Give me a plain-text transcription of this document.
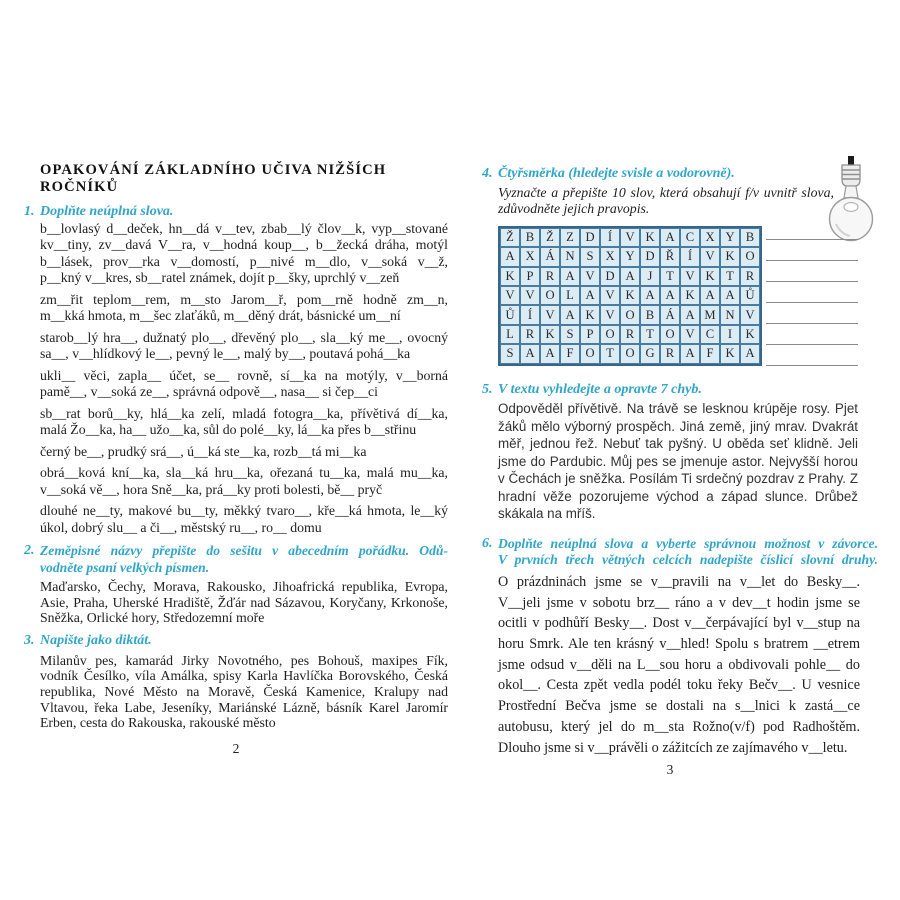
OPAKOVÁNÍ ZÁKLADNÍHO UČIVA NIŽŠÍCH ROČNÍKŮ
1. Doplňte neúplná slova.

b__lovlasý d__deček, hn__dá v__tev, zbab__lý člov__k, vyp__stované kv__tiny, zv__davá V__ra, v__hodná koup__, b__žecká dráha, motýl b__lásek, prov__rka v__domostí, p__nivé m__dlo, v__soká v__ž, p__kný v__kres, sb__ratel známek, dojít p__šky, uprchlý v__zeň

zm__řit teplom__rem, m__sto Jarom__ř, pom__rně hodně zm__n, m__kká hmota, m__šec zlaťáků, m__děný drát, básnické um__ní

starob__lý hra__, dužnatý plo__, dřevěný plo__, sla__ký me__, ovocný sa__, v__hlídkový le__, pevný le__, malý by__, poutavá pohá__ka

ukli__ věci, zapla__ účet, se__ rovně, sí__ka na motýly, v__borná pamě__, v__soká ze__, správná odpově__, nasa__ si čep__ci

sb__rat borů__ky, hlá__ka zelí, mladá fotogra__ka, přívětivá dí__ka, malá Žo__ka, ha__ užo__ka, sůl do polé__ky, lá__ka přes b__střinu

černý be__, prudký srá__, ú__ká ste__ka, rozb__tá mi__ka

obrá__ková kní__ka, sla__ká hru__ka, ořezaná tu__ka, malá mu__ka, v__soká vě__, hora Sně__ka, prá__ky proti bolesti, bě__ pryč

dlouhé ne__ty, makové bu__ty, měkký tvaro__, kře__ká hmota, le__ký úkol, dobrý slu__ a či__, městský ru__, ro__ domu

2. Zeměpisné názvy přepište do sešitu v abecedním pořádku. Odů-
vodněte psaní velkých písmen.

Maďarsko, Čechy, Morava, Rakousko, Jihoafrická republika, Evropa, Asie, Praha, Uherské Hradiště, Žďár nad Sázavou, Koryčany, Krkonoše, Sněžka, Orlické hory, Středozemní moře

3. Napište jako diktát.

Milanův pes, kamarád Jirky Novotného, pes Bohouš, maxipes Fík, vodník Česílko, víla Amálka, spisy Karla Havlíčka Borovského, Česká republika, Nové Město na Moravě, Česká Kamenice, Kralupy nad Vltavou, řeka Labe, Jeseníky, Mariánské Lázně, básník Karel Jaromír Erben, cesta do Rakouska, rakouské město

2
4. Čtyřsměrka (hledejte svisle a vodorovně).
Vyznačte a přepište 10 slov, která obsahují f/v uvnitř slova,
zdůvodněte jejich pravopis.
Ž B Ž Z D	Í	V K A C X Y B
A X Á N S X Y D Ř	Í	V K O
K P R A V D A	J	T V K T R
V V O L A V K A A K A A Ů
Ů	Í	V A K V O B Á A M N V
L R K S	P O R T O V C	I	K
S A A F O T O G R A F K A
5. V textu vyhledejte a opravte 7 chyb.

Odpověděl přívětivě. Na trávě se lesknou krúpěje rosy. Pjet žáků mělo výborný prospěch. Jiná země, jiný mrav. Dvakrát měř, jednou řež. Nebuť tak pyšný. U oběda seť klidně. Jeli jsme do Pardubic. Můj pes se jmenuje astor. Nejvyšší horou v Čechách je sněžka. Posílám Ti srdečný pozdrav z Prahy. Z hradní věže pozorujeme východ a západ slunce. Drůbež skákala na mříš.

6. Doplňte neúplná slova a vyberte správnou možnost v závorce.
V prvních třech větných celcích nadepište číslicí slovní druhy.

O prázdninách jsme se v__pravili na v__let do Besky__. V__jeli jsme v sobotu brz__ ráno a v dev__t hodin jsme se ocitli v podhůří Besky__. Dost v__čerpávající byl v__stup na horu Smrk. Ale ten krásný v__hled! Spolu s bratrem __etrem jsme odsud v__děli na L__sou horu a obdivovali pohle__ do okol__. Cesta zpět vedla podél toku řeky Bečv__. U vesnice Prostřední Bečva jsme se dostali na s__lnici k zastá__ce autobusu, který jel do m__sta Rožno(v/f) pod Radhoštěm. Dlouho jsme si v__právěli o zážitcích ze zajímavého v__letu.

3
